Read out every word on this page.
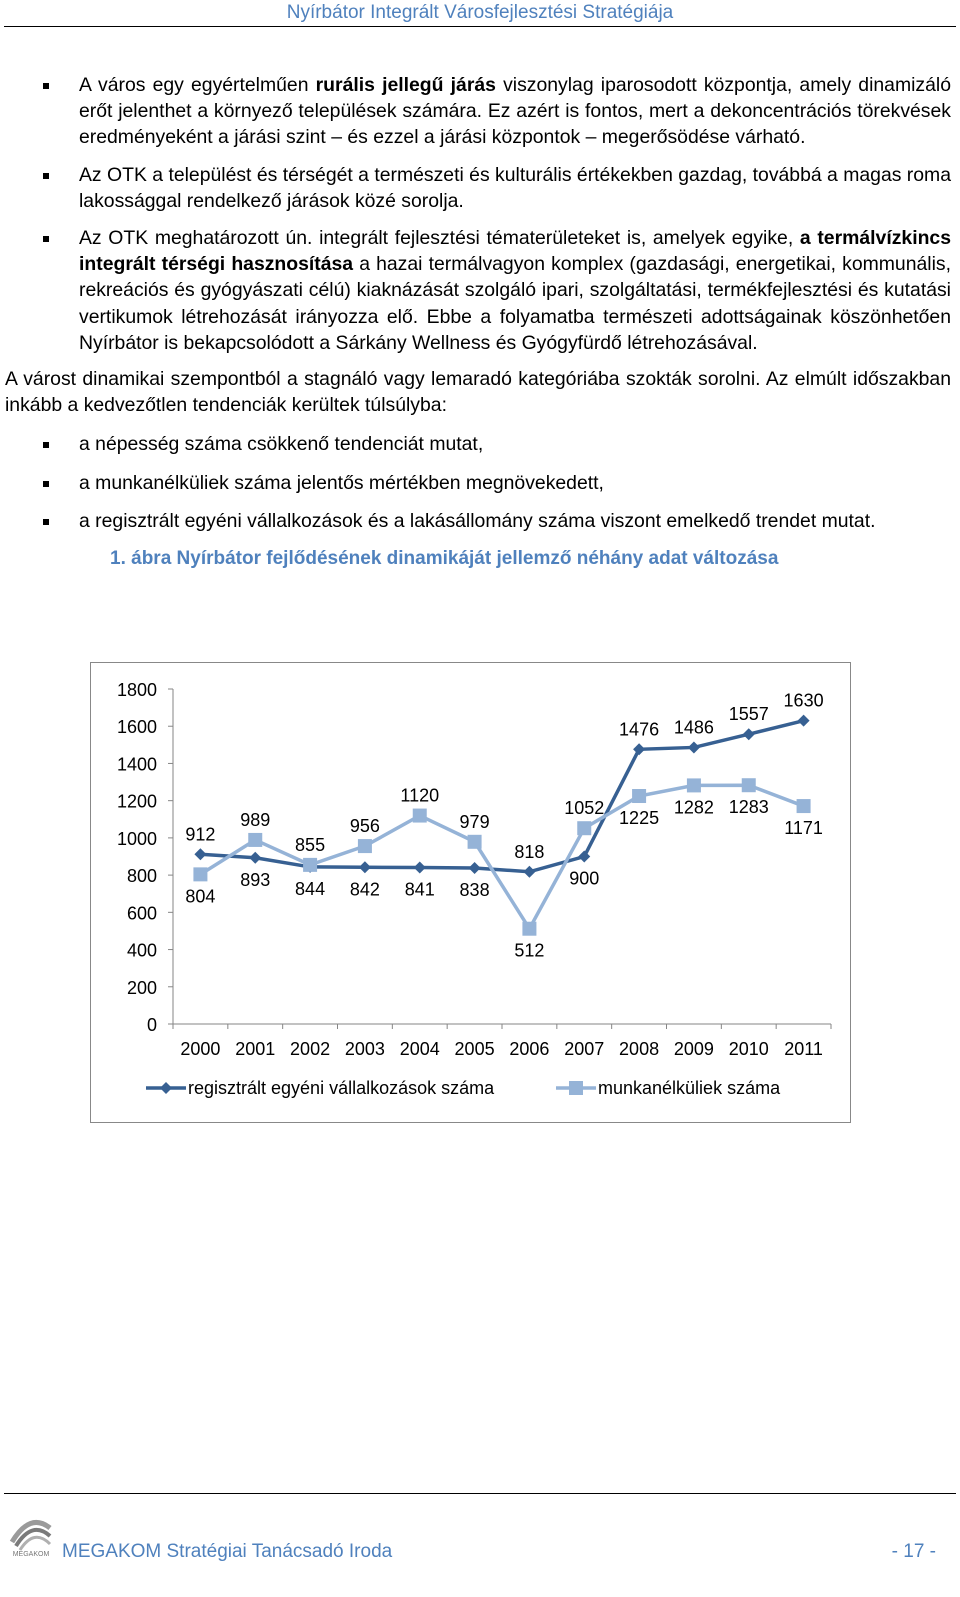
Nyírbátor Integrált Városfejlesztési Stratégiája
A város egy egyértelműen rurális jellegű járás viszonylag iparosodott központja, amely dinamizáló erőt jelenthet a környező települések számára. Ez azért is fontos, mert a dekoncentrációs törekvések eredményeként a járási szint – és ezzel a járási központok – megerősödése várható.
Az OTK a települést és térségét a természeti és kulturális értékekben gazdag, továbbá a magas roma lakossággal rendelkező járások közé sorolja.
Az OTK meghatározott ún. integrált fejlesztési tématerületeket is, amelyek egyike, a termálvízkincs integrált térségi hasznosítása a hazai termálvagyon komplex (gazdasági, energetikai, kommunális, rekreációs és gyógyászati célú) kiaknázását szolgáló ipari, szolgáltatási, termékfejlesztési és kutatási vertikumok létrehozását irányozza elő. Ebbe a folyamatba természeti adottságainak köszönhetően Nyírbátor is bekapcsolódott a Sárkány Wellness és Gyógyfürdő létrehozásával.

A várost dinamikai szempontból a stagnáló vagy lemaradó kategóriába szokták sorolni. Az elmúlt időszakban inkább a kedvezőtlen tendenciák kerültek túlsúlyba:

a népesség száma csökkenő tendenciát mutat,
a munkanélküliek száma jelentős mértékben megnövekedett,
a regisztrált egyéni vállalkozások és a lakásállomány száma viszont emelkedő trendet mutat.
1. ábra Nyírbátor fejlődésének dinamikáját jellemző néhány adat változása
0
200
400
600
800
1000
1200
1400
1600
1800
2000 2001 2002 2003 2004 2005 2006 2007 2008 2009 2010 2011
912
893 844 842 841 838
818
900
1476 1486
1557
1630
804
989
855
956
1120
979
512
1052 1225
1282 1283
1171
regisztrált egyéni vállalkozások száma	munkanélküliek száma
MEGAKOM MEGAKOM Stratégiai Tanácsadó Iroda	- 17 -
